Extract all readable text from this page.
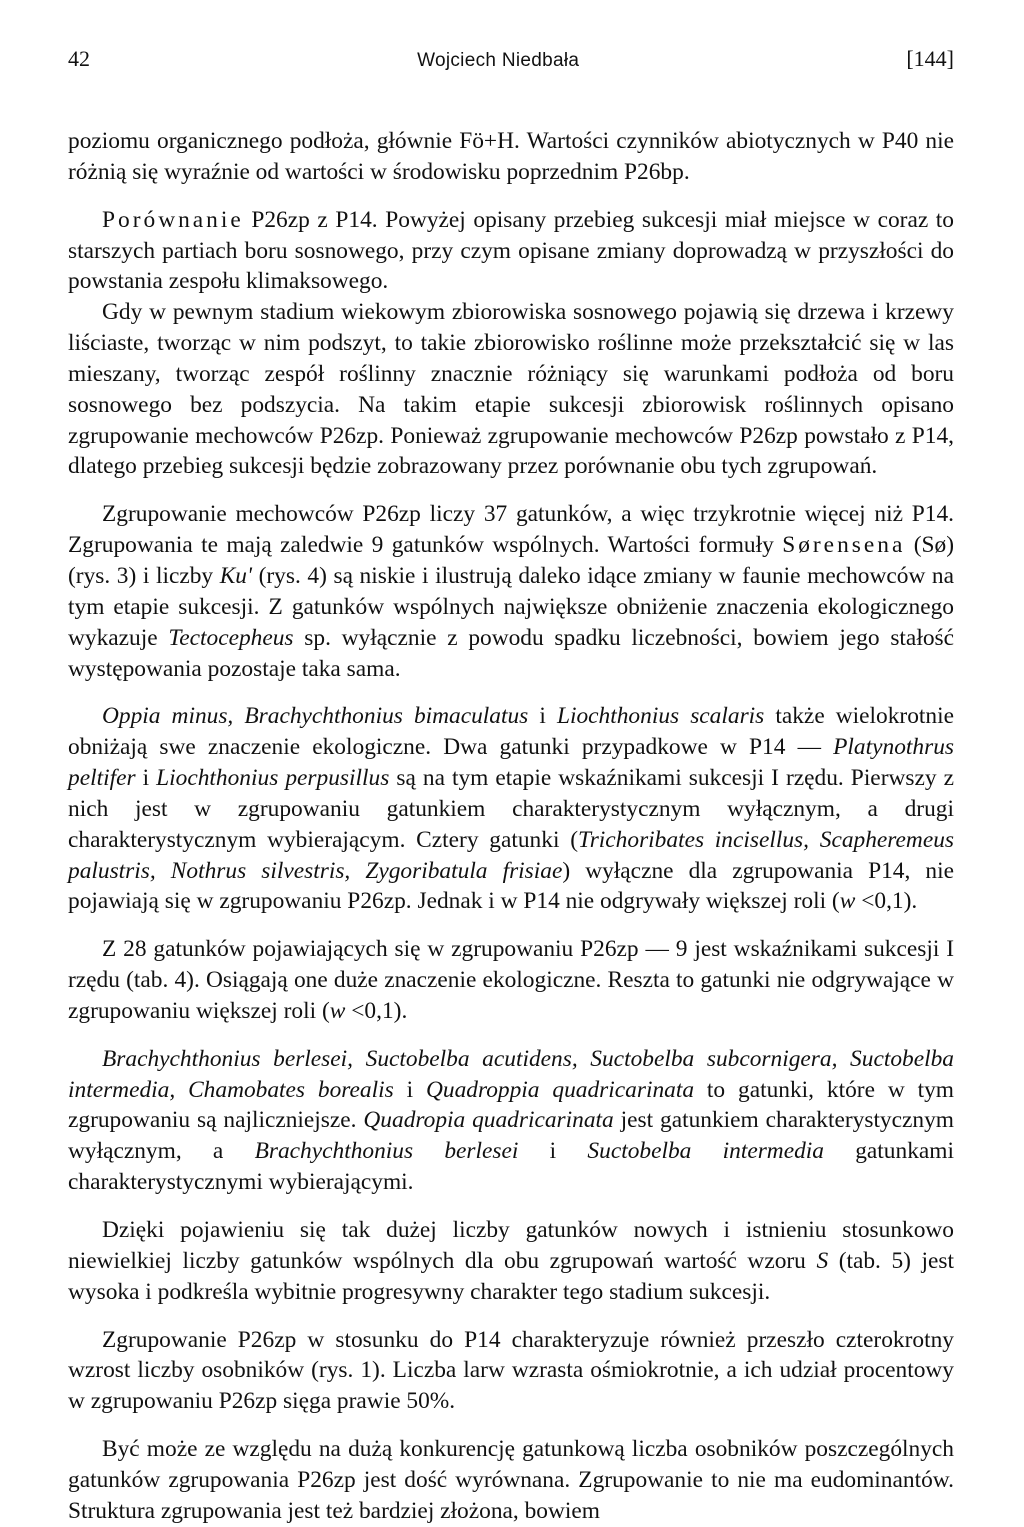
42	Wojciech Niedbała	[144]

poziomu organicznego podłoża, głównie Fö+H. Wartości czynników abiotycznych w P40 nie różnią się wyraźnie od wartości w środowisku poprzednim P26bp.

Porównanie P26zp z P14. Powyżej opisany przebieg sukcesji miał miejsce w coraz to starszych partiach boru sosnowego, przy czym opisane zmiany doprowadzą w przyszłości do powstania zespołu klimaksowego.

Gdy w pewnym stadium wiekowym zbiorowiska sosnowego pojawią się drzewa i krzewy liściaste, tworząc w nim podszyt, to takie zbiorowisko roślinne może przekształcić się w las mieszany, tworząc zespół roślinny znacznie różniący się warunkami podłoża od boru sosnowego bez podszycia. Na takim etapie sukcesji zbiorowisk roślinnych opisano zgrupowanie mechowców P26zp. Ponieważ zgrupowanie mechowców P26zp powstało z P14, dlatego przebieg sukcesji będzie zobrazowany przez porównanie obu tych zgrupowań.

Zgrupowanie mechowców P26zp liczy 37 gatunków, a więc trzykrotnie więcej niż P14. Zgrupowania te mają zaledwie 9 gatunków wspólnych. Wartości formuły Sørensena (Sø) (rys. 3) i liczby Ku' (rys. 4) są niskie i ilustrują daleko idące zmiany w faunie mechowców na tym etapie sukcesji. Z gatunków wspólnych największe obniżenie znaczenia ekologicznego wykazuje Tectocepheus sp. wyłącznie z powodu spadku liczebności, bowiem jego stałość występowania pozostaje taka sama.

Oppia minus, Brachychthonius bimaculatus i Liochthonius scalaris także wielokrotnie obniżają swe znaczenie ekologiczne. Dwa gatunki przypadkowe w P14 — Platynothrus peltifer i Liochthonius perpusillus są na tym etapie wskaźnikami sukcesji I rzędu. Pierwszy z nich jest w zgrupowaniu gatunkiem charakterystycznym wyłącznym, a drugi charakterystycznym wybierającym. Cztery gatunki (Trichoribates incisellus, Scapheremeus palustris, Nothrus silvestris, Zygoribatula frisiae) wyłączne dla zgrupowania P14, nie pojawiają się w zgrupowaniu P26zp. Jednak i w P14 nie odgrywały większej roli (w <0,1).

Z 28 gatunków pojawiających się w zgrupowaniu P26zp — 9 jest wskaźnikami sukcesji I rzędu (tab. 4). Osiągają one duże znaczenie ekologiczne. Reszta to gatunki nie odgrywające w zgrupowaniu większej roli (w <0,1).

Brachychthonius berlesei, Suctobelba acutidens, Suctobelba subcornigera, Suctobelba intermedia, Chamobates borealis i Quadroppia quadricarinata to gatunki, które w tym zgrupowaniu są najliczniejsze. Quadropia quadricarinata jest gatunkiem charakterystycznym wyłącznym, a Brachychthonius berlesei i Suctobelba intermedia gatunkami charakterystycznymi wybierającymi.

Dzięki pojawieniu się tak dużej liczby gatunków nowych i istnieniu stosunkowo niewielkiej liczby gatunków wspólnych dla obu zgrupowań wartość wzoru S (tab. 5) jest wysoka i podkreśla wybitnie progresywny charakter tego stadium sukcesji.

Zgrupowanie P26zp w stosunku do P14 charakteryzuje również przeszło czterokrotny wzrost liczby osobników (rys. 1). Liczba larw wzrasta ośmiokrotnie, a ich udział procentowy w zgrupowaniu P26zp sięga prawie 50%.

Być może ze względu na dużą konkurencję gatunkową liczba osobników poszczególnych gatunków zgrupowania P26zp jest dość wyrównana. Zgrupowanie to nie ma eudominantów. Struktura zgrupowania jest też bardziej złożona, bowiem
